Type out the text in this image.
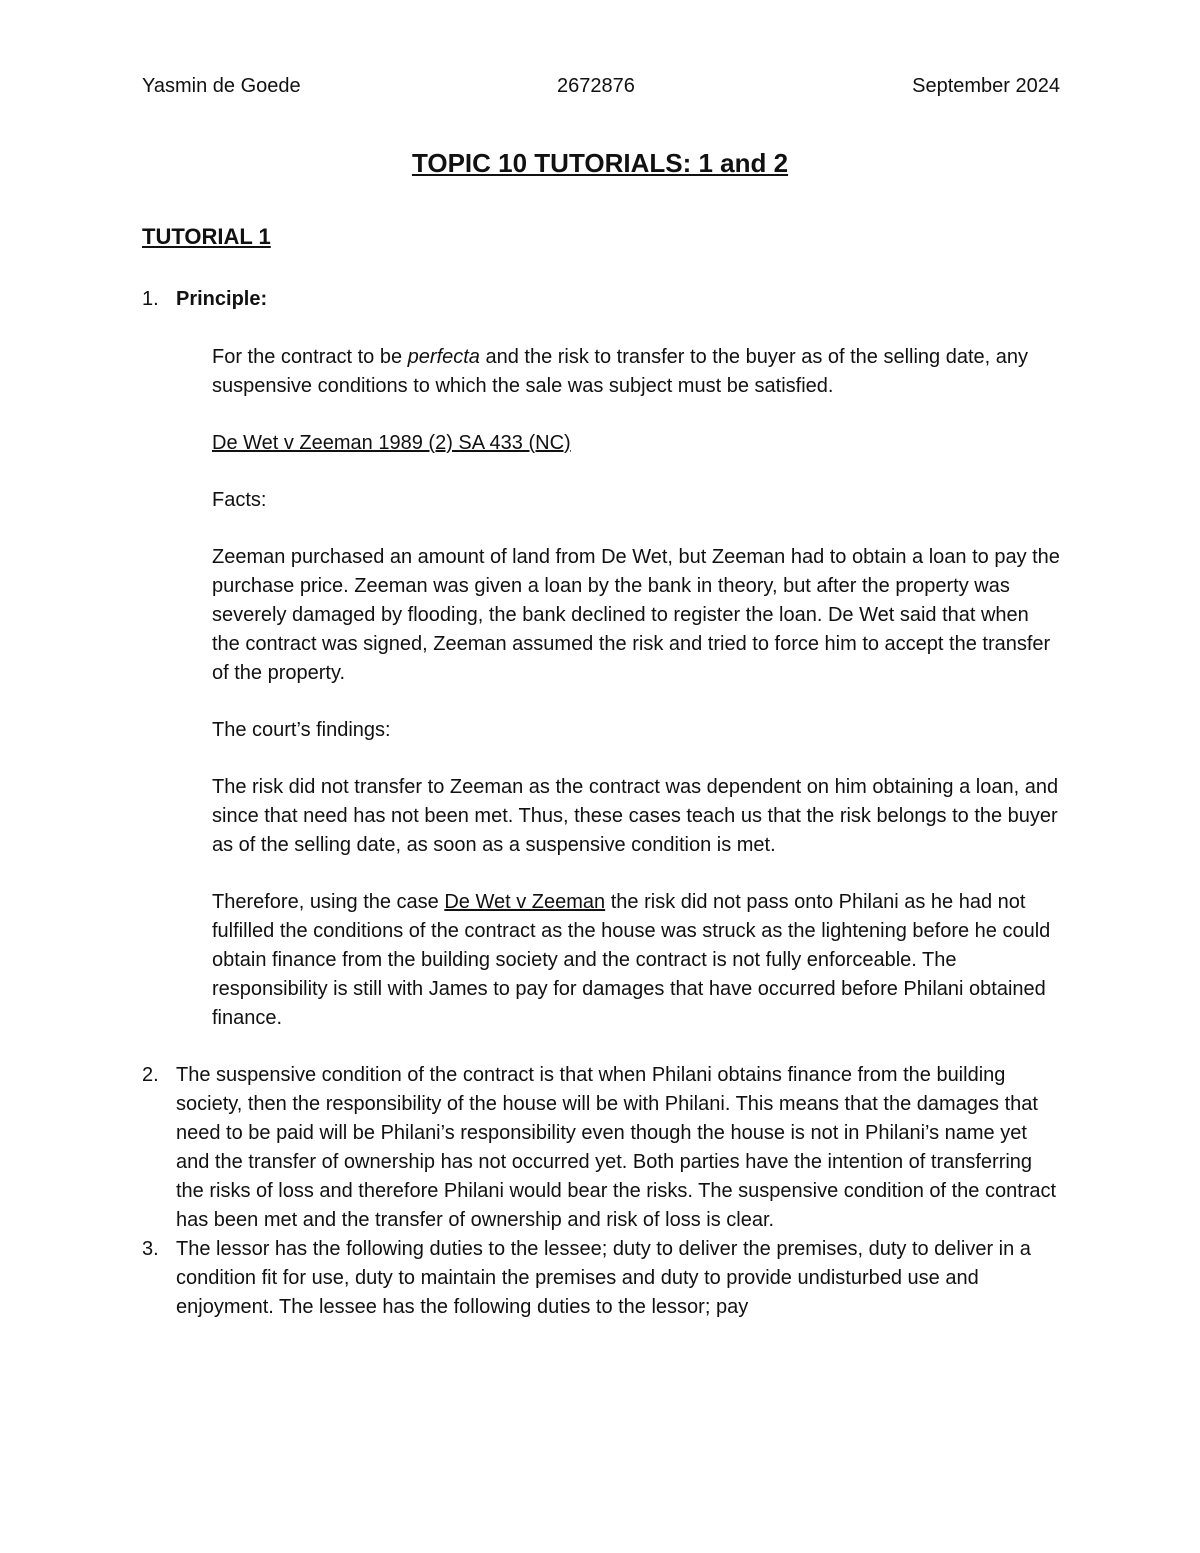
Yasmin de Goede	2672876	September 2024
TOPIC 10 TUTORIALS: 1 and 2
TUTORIAL 1
1. Principle:

For the contract to be perfecta and the risk to transfer to the buyer as of the selling date, any suspensive conditions to which the sale was subject must be satisfied.

De Wet v Zeeman 1989 (2) SA 433 (NC)

Facts:

Zeeman purchased an amount of land from De Wet, but Zeeman had to obtain a loan to pay the purchase price. Zeeman was given a loan by the bank in theory, but after the property was severely damaged by flooding, the bank declined to register the loan. De Wet said that when the contract was signed, Zeeman assumed the risk and tried to force him to accept the transfer of the property.

The court’s findings:

The risk did not transfer to Zeeman as the contract was dependent on him obtaining a loan, and since that need has not been met. Thus, these cases teach us that the risk belongs to the buyer as of the selling date, as soon as a suspensive condition is met.

Therefore, using the case De Wet v Zeeman the risk did not pass onto Philani as he had not fulfilled the conditions of the contract as the house was struck as the lightening before he could obtain finance from the building society and the contract is not fully enforceable. The responsibility is still with James to pay for damages that have occurred before Philani obtained finance.

2. The suspensive condition of the contract is that when Philani obtains finance from the building society, then the responsibility of the house will be with Philani. This means that the damages that need to be paid will be Philani’s responsibility even though the house is not in Philani’s name yet and the transfer of ownership has not occurred yet. Both parties have the intention of transferring the risks of loss and therefore Philani would bear the risks. The suspensive condition of the contract has been met and the transfer of ownership and risk of loss is clear.

3. The lessor has the following duties to the lessee; duty to deliver the premises, duty to deliver in a condition fit for use, duty to maintain the premises and duty to provide undisturbed use and enjoyment. The lessee has the following duties to the lessor; pay
